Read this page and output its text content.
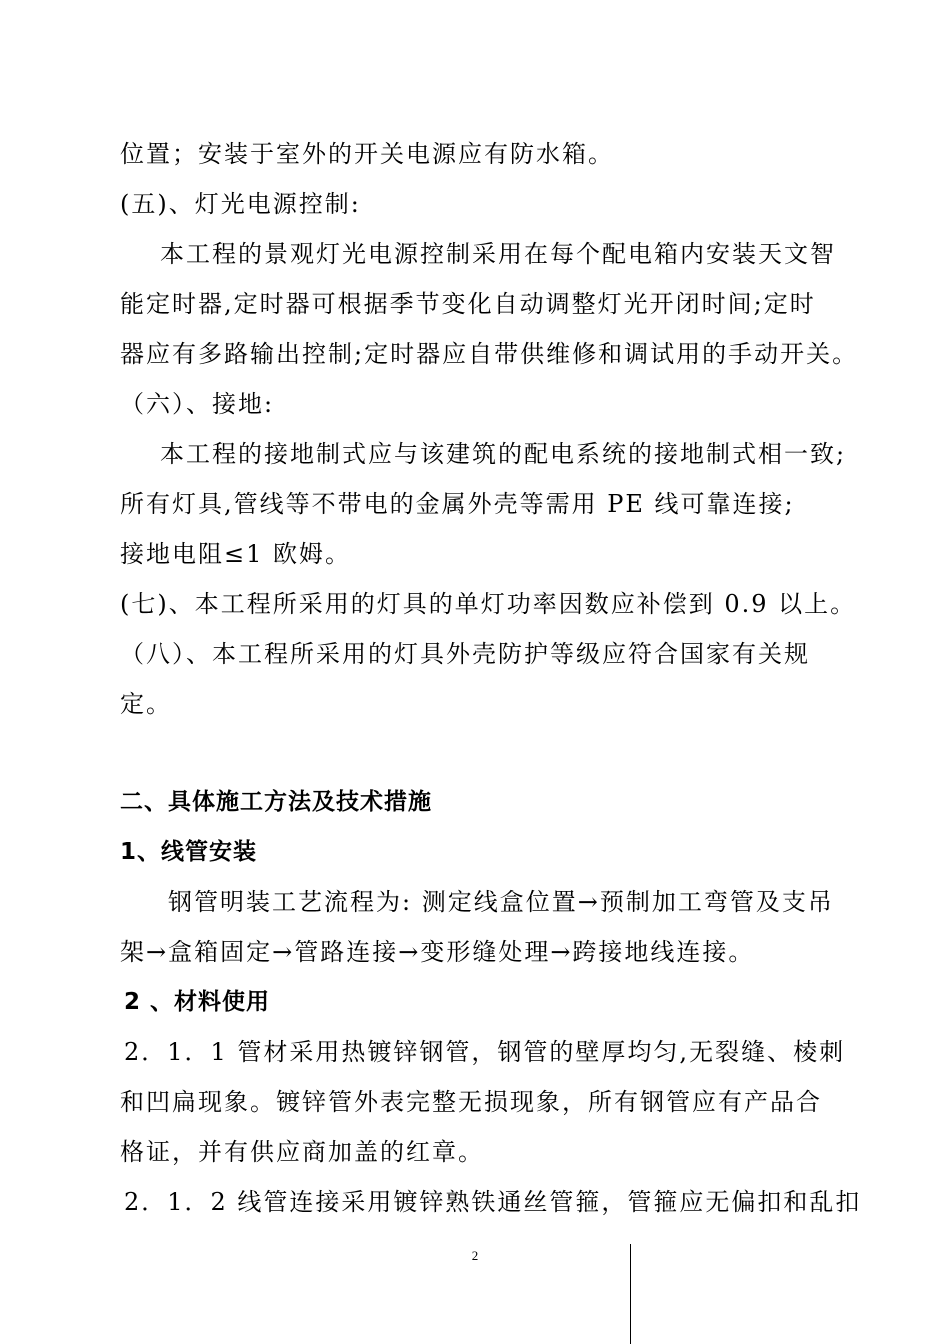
位置；安装于室外的开关电源应有防水箱。
(五)、灯光电源控制:
本工程的景观灯光电源控制采用在每个配电箱内安装天文智
能定时器,定时器可根据季节变化自动调整灯光开闭时间;定时
器应有多路输出控制;定时器应自带供维修和调试用的手动开关。
（六）、接地:
本工程的接地制式应与该建筑的配电系统的接地制式相一致;
所有灯具,管线等不带电的金属外壳等需用 PE 线可靠连接;
接地电阻≤1 欧姆。
(七)、本工程所采用的灯具的单灯功率因数应补偿到 0.9 以上。
（八）、本工程所采用的灯具外壳防护等级应符合国家有关规
定。
二、具体施工方法及技术措施
1、线管安装
钢管明装工艺流程为: 测定线盒位置→预制加工弯管及支吊
架→盒箱固定→管路连接→变形缝处理→跨接地线连接。
2 、材料使用
2．1．1 管材采用热镀锌钢管，钢管的壁厚均匀,无裂缝、棱刺
和凹扁现象。镀锌管外表完整无损现象，所有钢管应有产品合
格证，并有供应商加盖的红章。
2．1．2 线管连接采用镀锌熟铁通丝管箍，管箍应无偏扣和乱扣
2
